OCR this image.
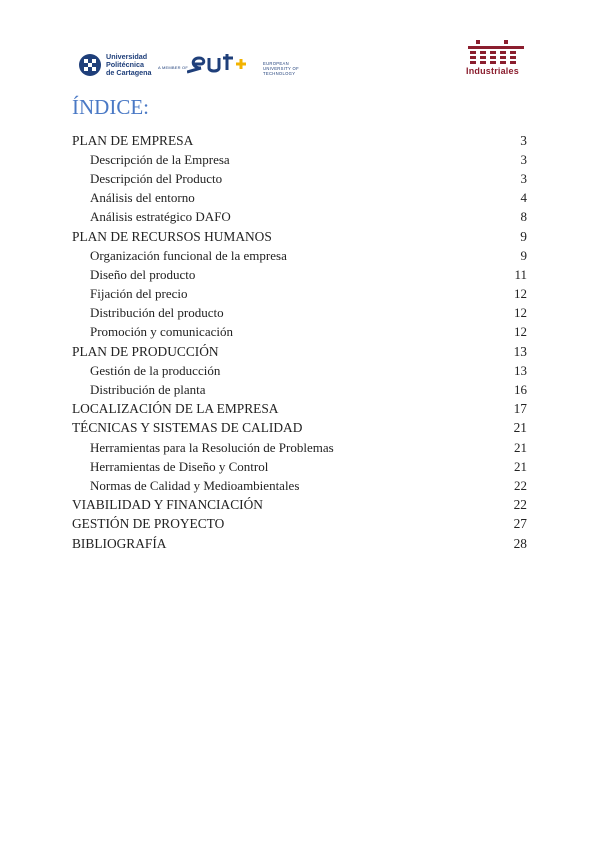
Universidad
Politécnica
de Cartagena
A MEMBER OF
EUROPEAN
UNIVERSITY OF
TECHNOLOGY	Industriales
ÍNDICE:
PLAN DE EMPRESA	3
Descripción de la Empresa	3
Descripción del Producto	3
Análisis del entorno	4
Análisis estratégico DAFO	8
PLAN DE RECURSOS HUMANOS	9
Organización funcional de la empresa	9
Diseño del producto	11
Fijación del precio	12
Distribución del producto	12
Promoción y comunicación	12
PLAN DE PRODUCCIÓN	13
Gestión de la producción	13
Distribución de planta	16
LOCALIZACIÓN DE LA EMPRESA	17
TÉCNICAS Y SISTEMAS DE CALIDAD	21
Herramientas para la Resolución de Problemas	21
Herramientas de Diseño y Control	21
Normas de Calidad y Medioambientales	22
VIABILIDAD Y FINANCIACIÓN	22
GESTIÓN DE PROYECTO	27
BIBLIOGRAFÍA	28
